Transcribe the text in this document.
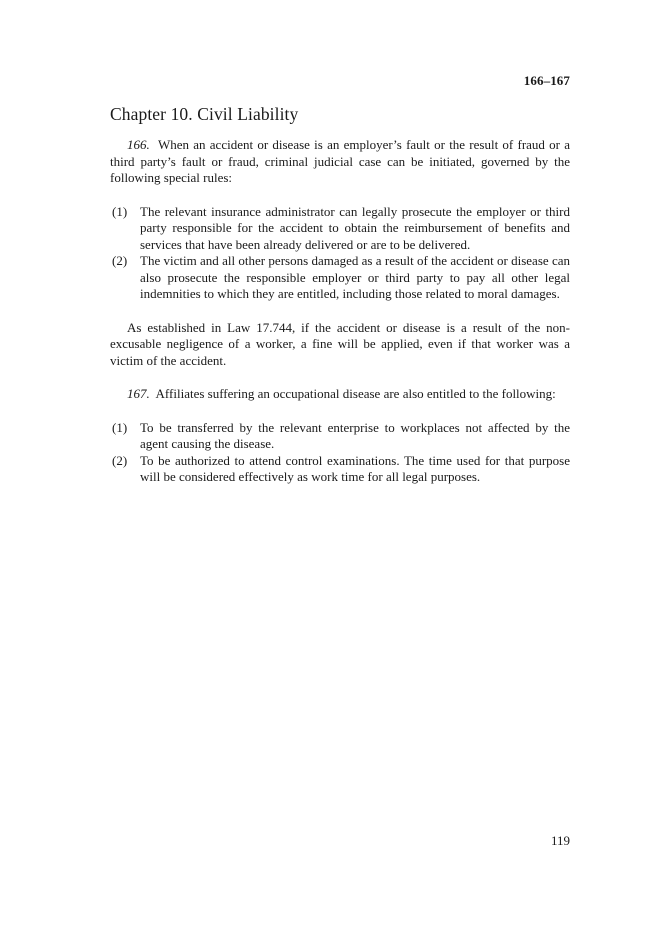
166–167
Chapter 10. Civil Liability

166. When an accident or disease is an employer’s fault or the result of fraud or a third party’s fault or fraud, criminal judicial case can be initiated, governed by the following special rules:

(1) The relevant insurance administrator can legally prosecute the employer or third party responsible for the accident to obtain the reimbursement of benefits and services that have been already delivered or are to be delivered.
(2) The victim and all other persons damaged as a result of the accident or disease can also prosecute the responsible employer or third party to pay all other legal indemnities to which they are entitled, including those related to moral damages.

As established in Law 17.744, if the accident or disease is a result of the non-excusable negligence of a worker, a fine will be applied, even if that worker was a victim of the accident.

167. Affiliates suffering an occupational disease are also entitled to the following:

(1) To be transferred by the relevant enterprise to workplaces not affected by the agent causing the disease.
(2) To be authorized to attend control examinations. The time used for that purpose will be considered effectively as work time for all legal purposes.
119
